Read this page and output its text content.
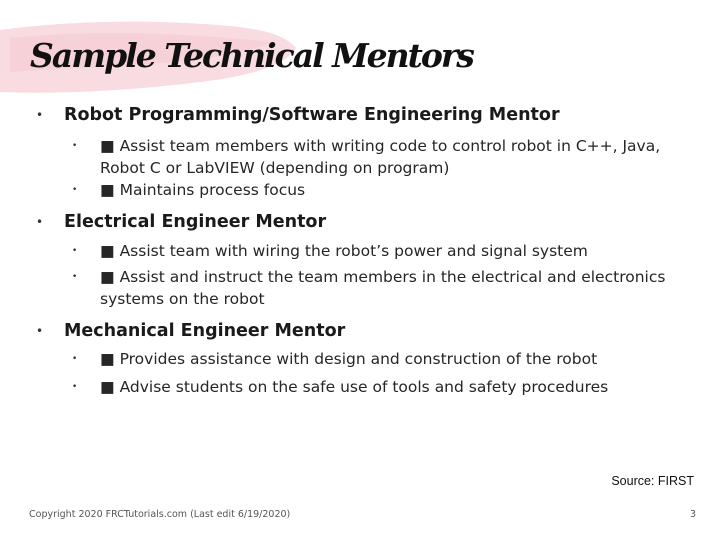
Sample Technical Mentors
• Robot Programming/Software Engineering Mentor
• ■ Assist team members with writing code to control robot in C++, Java, Robot C or LabVIEW (depending on program)
• ■ Maintains process focus
• Electrical Engineer Mentor
• ■ Assist team with wiring the robot’s power and signal system
• ■ Assist and instruct the team members in the electrical and electronics systems on the robot
• Mechanical Engineer Mentor
• ■ Provides assistance with design and construction of the robot
• ■ Advise students on the safe use of tools and safety procedures
Source: FIRST
Copyright 2020 FRCTutorials.com (Last edit 6/19/2020)	3
